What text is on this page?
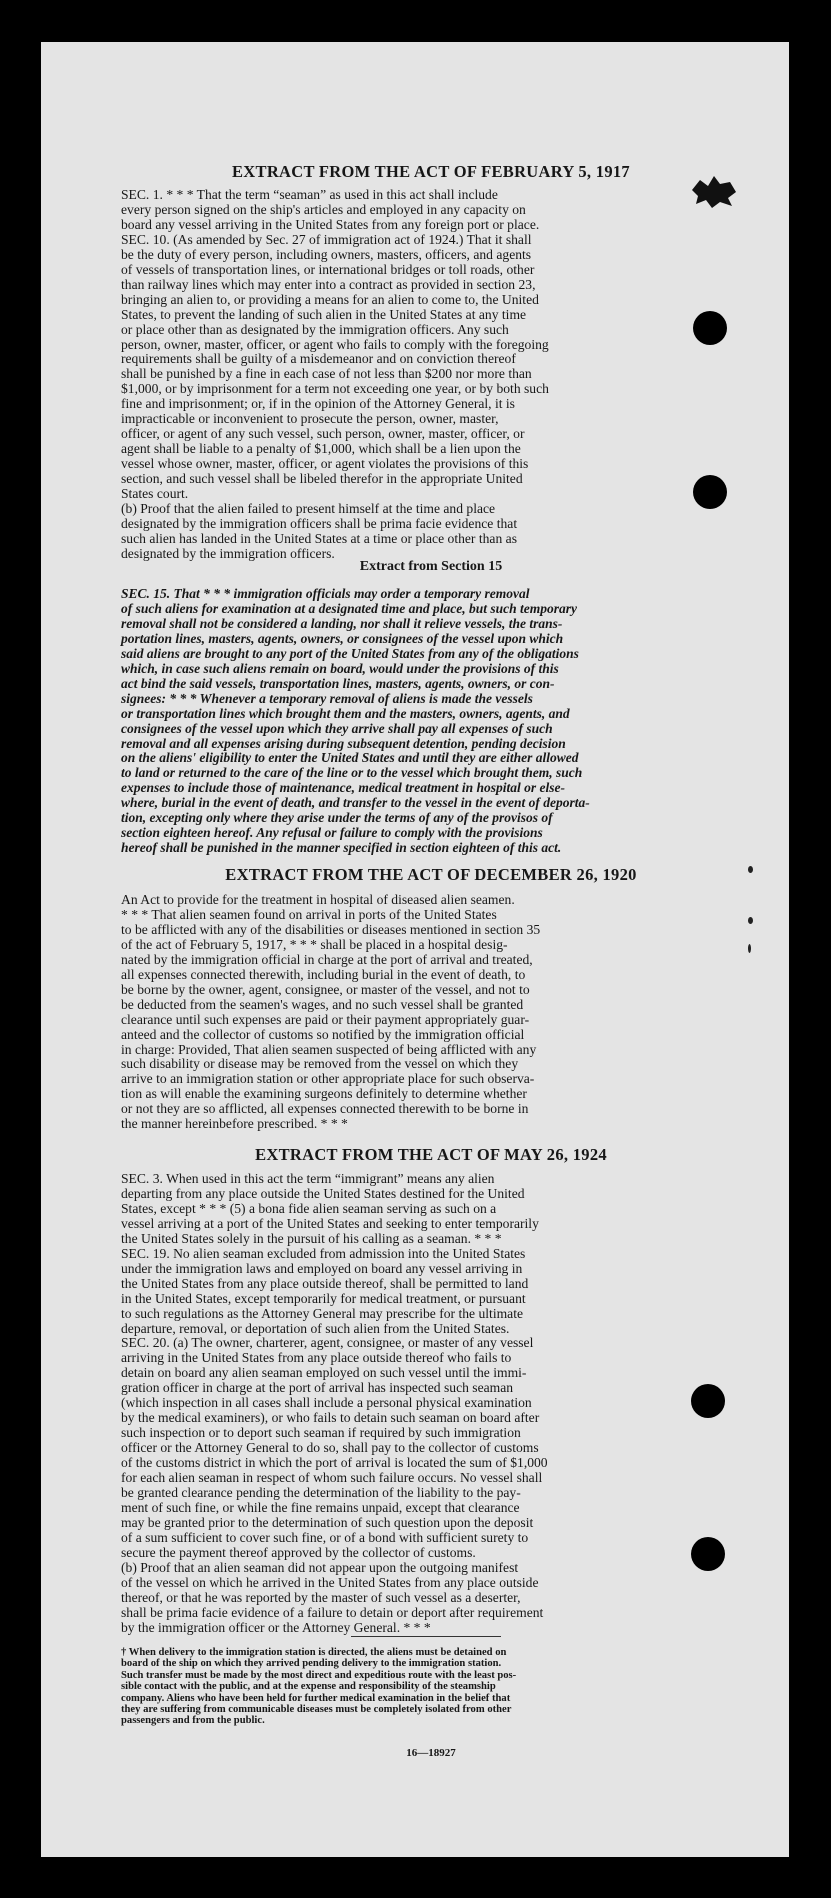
EXTRACT FROM THE ACT OF FEBRUARY 5, 1917

SEC. 1. * * * That the term “seaman” as used in this act shall include
every person signed on the ship's articles and employed in any capacity on
board any vessel arriving in the United States from any foreign port or place.
SEC. 10. (As amended by Sec. 27 of immigration act of 1924.) That it shall
be the duty of every person, including owners, masters, officers, and agents
of vessels of transportation lines, or international bridges or toll roads, other
than railway lines which may enter into a contract as provided in section 23,
bringing an alien to, or providing a means for an alien to come to, the United
States, to prevent the landing of such alien in the United States at any time
or place other than as designated by the immigration officers. Any such
person, owner, master, officer, or agent who fails to comply with the foregoing
requirements shall be guilty of a misdemeanor and on conviction thereof
shall be punished by a fine in each case of not less than $200 nor more than
$1,000, or by imprisonment for a term not exceeding one year, or by both such
fine and imprisonment; or, if in the opinion of the Attorney General, it is
impracticable or inconvenient to prosecute the person, owner, master,
officer, or agent of any such vessel, such person, owner, master, officer, or
agent shall be liable to a penalty of $1,000, which shall be a lien upon the
vessel whose owner, master, officer, or agent violates the provisions of this
section, and such vessel shall be libeled therefor in the appropriate United
States court.
(b) Proof that the alien failed to present himself at the time and place
designated by the immigration officers shall be prima facie evidence that
such alien has landed in the United States at a time or place other than as
designated by the immigration officers.

Extract from Section 15

SEC. 15. That * * * immigration officials may order a temporary removal
of such aliens for examination at a designated time and place, but such temporary
removal shall not be considered a landing, nor shall it relieve vessels, the trans-
portation lines, masters, agents, owners, or consignees of the vessel upon which
said aliens are brought to any port of the United States from any of the obligations
which, in case such aliens remain on board, would under the provisions of this
act bind the said vessels, transportation lines, masters, agents, owners, or con-
signees: * * * Whenever a temporary removal of aliens is made the vessels
or transportation lines which brought them and the masters, owners, agents, and
consignees of the vessel upon which they arrive shall pay all expenses of such
removal and all expenses arising during subsequent detention, pending decision
on the aliens' eligibility to enter the United States and until they are either allowed
to land or returned to the care of the line or to the vessel which brought them, such
expenses to include those of maintenance, medical treatment in hospital or else-
where, burial in the event of death, and transfer to the vessel in the event of deporta-
tion, excepting only where they arise under the terms of any of the provisos of
section eighteen hereof. Any refusal or failure to comply with the provisions
hereof shall be punished in the manner specified in section eighteen of this act.

EXTRACT FROM THE ACT OF DECEMBER 26, 1920

An Act to provide for the treatment in hospital of diseased alien seamen.
* * * That alien seamen found on arrival in ports of the United States
to be afflicted with any of the disabilities or diseases mentioned in section 35
of the act of February 5, 1917, * * * shall be placed in a hospital desig-
nated by the immigration official in charge at the port of arrival and treated,
all expenses connected therewith, including burial in the event of death, to
be borne by the owner, agent, consignee, or master of the vessel, and not to
be deducted from the seamen's wages, and no such vessel shall be granted
clearance until such expenses are paid or their payment appropriately guar-
anteed and the collector of customs so notified by the immigration official
in charge: Provided, That alien seamen suspected of being afflicted with any
such disability or disease may be removed from the vessel on which they
arrive to an immigration station or other appropriate place for such observa-
tion as will enable the examining surgeons definitely to determine whether
or not they are so afflicted, all expenses connected therewith to be borne in
the manner hereinbefore prescribed. * * *

EXTRACT FROM THE ACT OF MAY 26, 1924

SEC. 3. When used in this act the term “immigrant” means any alien
departing from any place outside the United States destined for the United
States, except * * * (5) a bona fide alien seaman serving as such on a
vessel arriving at a port of the United States and seeking to enter temporarily
the United States solely in the pursuit of his calling as a seaman. * * *
SEC. 19. No alien seaman excluded from admission into the United States
under the immigration laws and employed on board any vessel arriving in
the United States from any place outside thereof, shall be permitted to land
in the United States, except temporarily for medical treatment, or pursuant
to such regulations as the Attorney General may prescribe for the ultimate
departure, removal, or deportation of such alien from the United States.
SEC. 20. (a) The owner, charterer, agent, consignee, or master of any vessel
arriving in the United States from any place outside thereof who fails to
detain on board any alien seaman employed on such vessel until the immi-
gration officer in charge at the port of arrival has inspected such seaman
(which inspection in all cases shall include a personal physical examination
by the medical examiners), or who fails to detain such seaman on board after
such inspection or to deport such seaman if required by such immigration
officer or the Attorney General to do so, shall pay to the collector of customs
of the customs district in which the port of arrival is located the sum of $1,000
for each alien seaman in respect of whom such failure occurs. No vessel shall
be granted clearance pending the determination of the liability to the pay-
ment of such fine, or while the fine remains unpaid, except that clearance
may be granted prior to the determination of such question upon the deposit
of a sum sufficient to cover such fine, or of a bond with sufficient surety to
secure the payment thereof approved by the collector of customs.
(b) Proof that an alien seaman did not appear upon the outgoing manifest
of the vessel on which he arrived in the United States from any place outside
thereof, or that he was reported by the master of such vessel as a deserter,
shall be prima facie evidence of a failure to detain or deport after requirement
by the immigration officer or the Attorney General. * * *

† When delivery to the immigration station is directed, the aliens must be detained on
board of the ship on which they arrived pending delivery to the immigration station.
Such transfer must be made by the most direct and expeditious route with the least pos-
sible contact with the public, and at the expense and responsibility of the steamship
company. Aliens who have been held for further medical examination in the belief that
they are suffering from communicable diseases must be completely isolated from other
passengers and from the public.

16—18927
